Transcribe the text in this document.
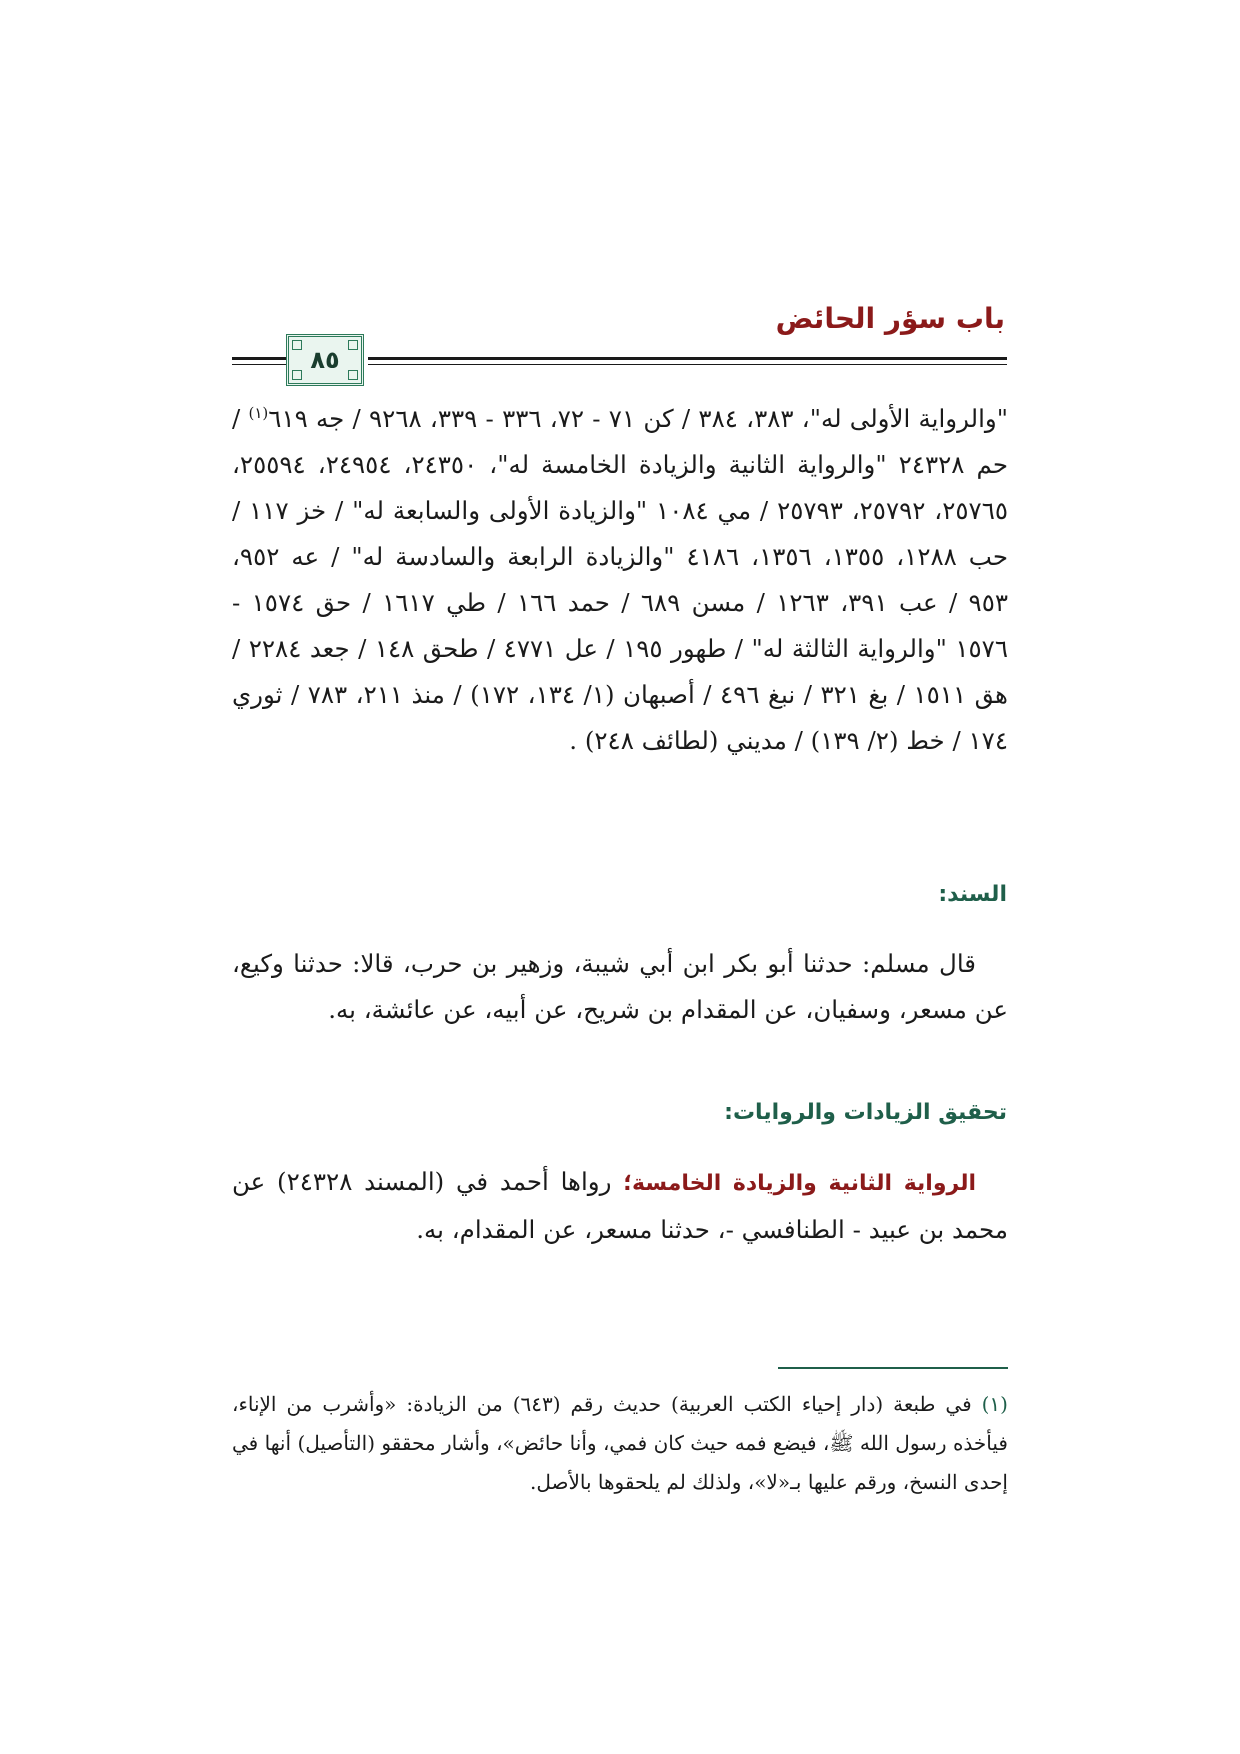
باب سؤر الحائض
٨٥

"والرواية الأولى له"، ٣٨٣، ٣٨٤ / كن ٧١ - ٧٢، ٣٣٦ - ٣٣٩، ٩٢٦٨ / جه ٦١٩$^{(١)}$ / حم ٢٤٣٢٨ "والرواية الثانية والزيادة الخامسة له"، ٢٤٣٥٠، ٢٤٩٥٤، ٢٥٥٩٤، ٢٥٧٦٥، ٢٥٧٩٢، ٢٥٧٩٣ / مي ١٠٨٤ "والزيادة الأولى والسابعة له" / خز ١١٧ / حب ١٢٨٨، ١٣٥٥، ١٣٥٦، ٤١٨٦ "والزيادة الرابعة والسادسة له" / عه ٩٥٢، ٩٥٣ / عب ٣٩١، ١٢٦٣ / مسن ٦٨٩ / حمد ١٦٦ / طي ١٦١٧ / حق ١٥٧٤ - ١٥٧٦ "والرواية الثالثة له" / طهور ١٩٥ / عل ٤٧٧١ / طحق ١٤٨ / جعد ٢٢٨٤ / هق ١٥١١ / بغ ٣٢١ / نبغ ٤٩٦ / أصبهان (١/ ١٣٤، ١٧٢) / منذ ٢١١، ٧٨٣ / ثوري ١٧٤ / خط (٢/ ١٣٩) / مديني (لطائف ٢٤٨) .

السند:

قال مسلم: حدثنا أبو بكر ابن أبي شيبة، وزهير بن حرب، قالا: حدثنا وكيع، عن مسعر، وسفيان، عن المقدام بن شريح، عن أبيه، عن عائشة، به.

تحقيق الزيادات والروايات:

الرواية الثانية والزيادة الخامسة؛ رواها أحمد في (المسند ٢٤٣٢٨) عن محمد بن عبيد - الطنافسي -، حدثنا مسعر، عن المقدام، به.

(١) في طبعة (دار إحياء الكتب العربية) حديث رقم (٦٤٣) من الزيادة: «وأشرب من الإناء، فيأخذه رسول الله ﷺ، فيضع فمه حيث كان فمي، وأنا حائض»، وأشار محققو (التأصيل) أنها في إحدى النسخ، ورقم عليها بـ«لا»، ولذلك لم يلحقوها بالأصل.
